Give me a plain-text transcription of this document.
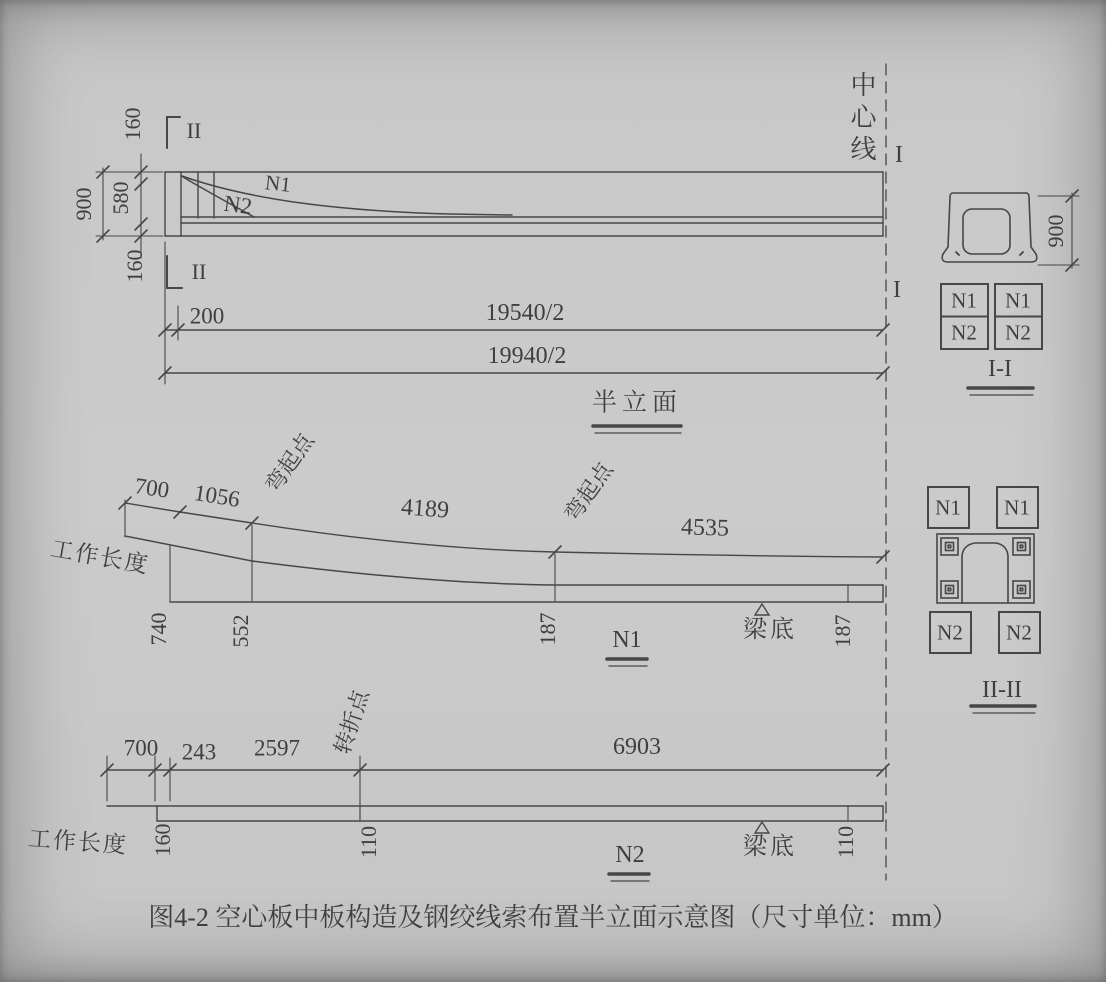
160
580
900
160
II
II
I
I
N1
N2
中心线
200	19540/2
19940/2
半立面
N1
N2
N1
N2
I-I
900
N1 N1
N2 N2
II-II
工作长度
700 1056 弯起点
4189	弯起点
4535
740	552	187	187
梁底
N1
工作长度
700 243 2597 转折点	6903
160	110	110
梁底
N2
图4-2 空心板中板构造及钢绞线索布置半立面示意图（尺寸单位：mm）
